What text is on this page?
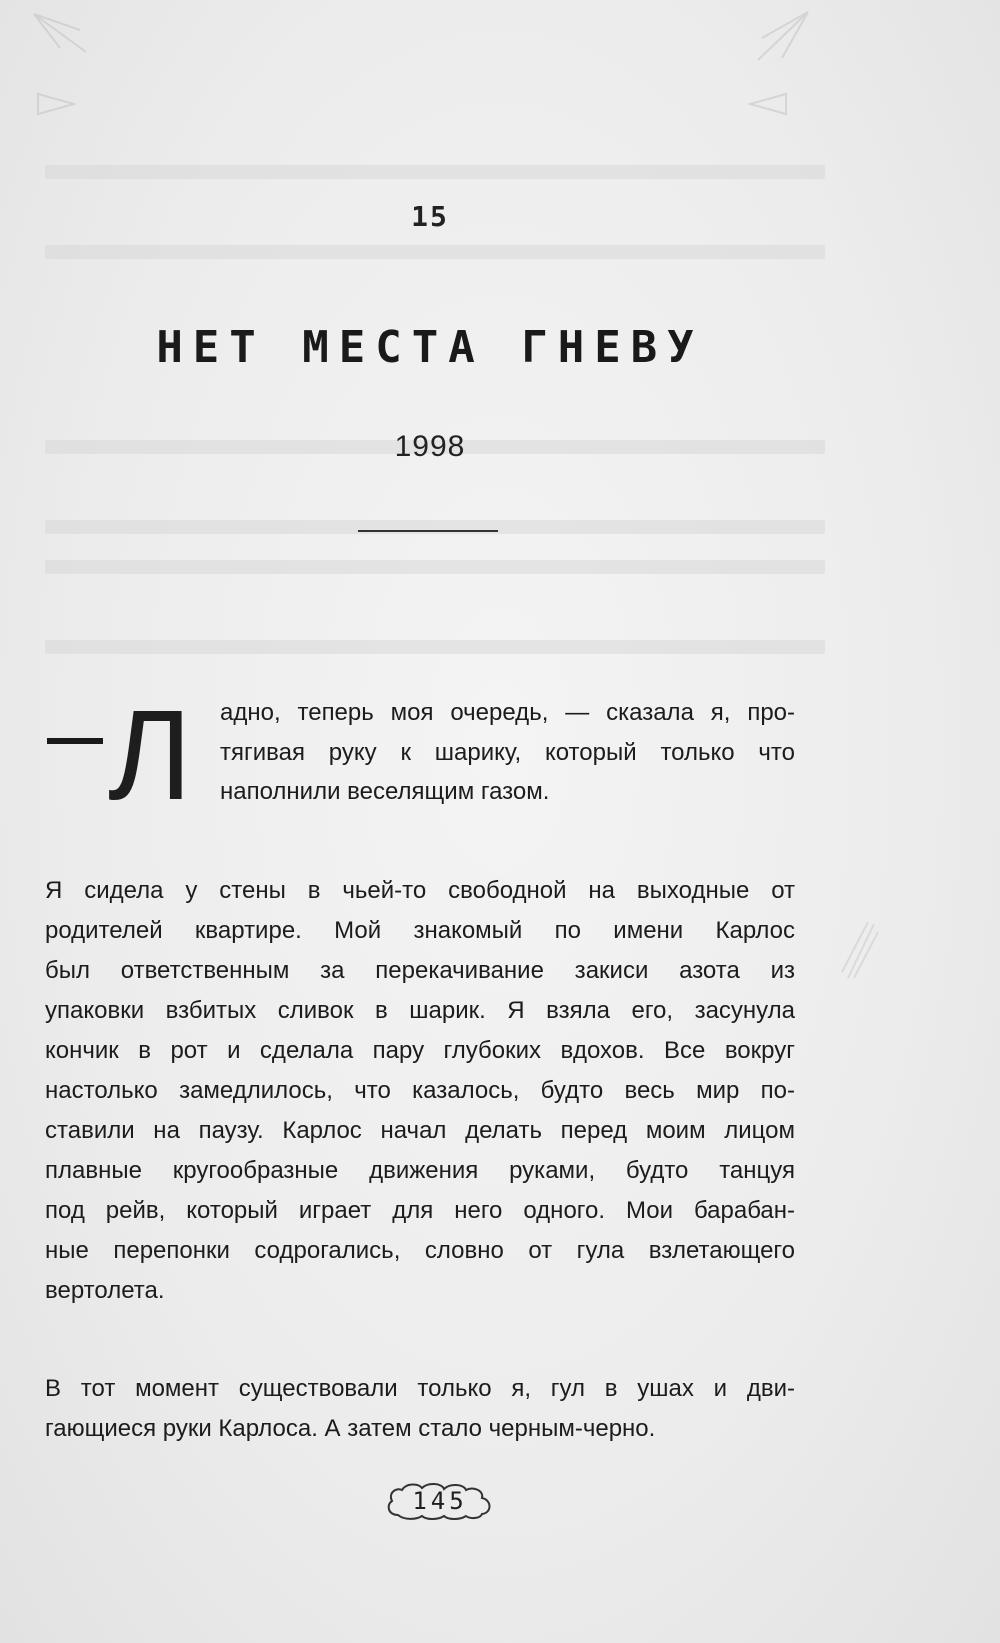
15
НЕТ МЕСТА ГНЕВУ
1998
Л адно, теперь моя очередь, — сказала я, про-
тягивая руку к шарику, который только что
наполнили веселящим газом.
Я сидела у стены в чьей-то свободной на выходные от
родителей квартире. Мой знакомый по имени Карлос
был ответственным за перекачивание закиси азота из
упаковки взбитых сливок в шарик. Я взяла его, засунула
кончик в рот и сделала пару глубоких вдохов. Все вокруг
настолько замедлилось, что казалось, будто весь мир по-
ставили на паузу. Карлос начал делать перед моим лицом
плавные кругообразные движения руками, будто танцуя
под рейв, который играет для него одного. Мои барабан-
ные перепонки содрогались, словно от гула взлетающего
вертолета.
В тот момент существовали только я, гул в ушах и дви-
гающиеся руки Карлоса. А затем стало черным-черно.
145
